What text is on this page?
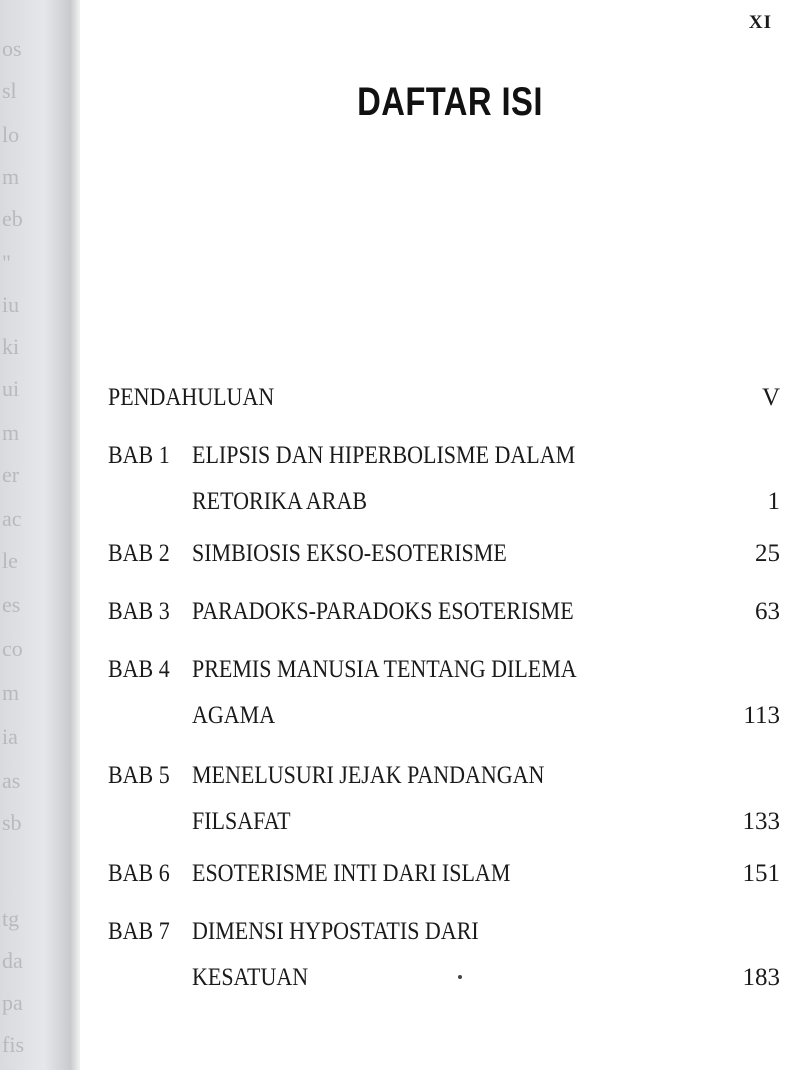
os
sl
lo
m
eb
"
iu
ki
ui
m
er
ac
le
es
co
m
ia
as
sb
tg
da
pa
fis
XI
DAFTAR ISI
PENDAHULUAN	V
BAB 1 ELIPSIS DAN HIPERBOLISME DALAM
RETORIKA ARAB	1
BAB 2 SIMBIOSIS EKSO-ESOTERISME	25
BAB 3 PARADOKS-PARADOKS ESOTERISME	63
BAB 4 PREMIS MANUSIA TENTANG DILEMA
AGAMA	113
BAB 5 MENELUSURI JEJAK PANDANGAN
FILSAFAT	133
BAB 6 ESOTERISME INTI DARI ISLAM	151
BAB 7 DIMENSI HYPOSTATIS DARI
KESATUAN	183
